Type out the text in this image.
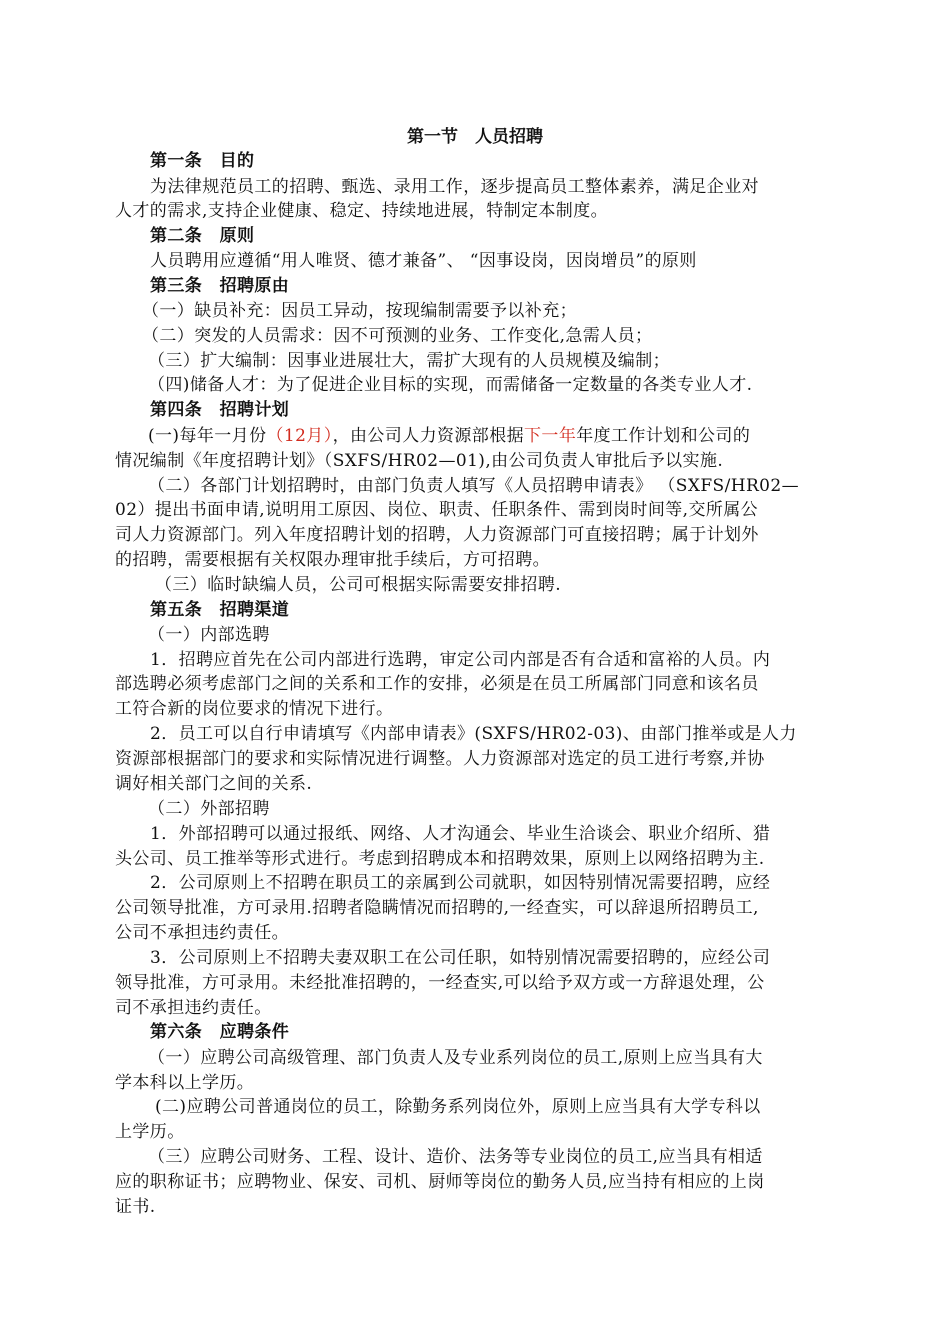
第一节　人员招聘
第一条　目的
为法律规范员工的招聘、甄选、录用工作，逐步提高员工整体素养，满足企业对
人才的需求,支持企业健康、稳定、持续地进展，特制定本制度。
第二条　原则
人员聘用应遵循“用人唯贤、德才兼备”、 “因事设岗，因岗增员”的原则
第三条　招聘原由
（一）缺员补充：因员工异动，按现编制需要予以补充；
（二）突发的人员需求：因不可预测的业务、工作变化,急需人员；
（三）扩大编制：因事业进展壮大，需扩大现有的人员规模及编制；
（四)储备人才：为了促进企业目标的实现，而需储备一定数量的各类专业人才.
第四条　招聘计划
(一)每年一月份（12月），由公司人力资源部根据下一年年度工作计划和公司的
情况编制《年度招聘计划》（SXFS/HR02—01),由公司负责人审批后予以实施.
（二）各部门计划招聘时，由部门负责人填写《人员招聘申请表》 （SXFS/HR02—
02）提出书面申请,说明用工原因、岗位、职责、任职条件、需到岗时间等,交所属公
司人力资源部门。列入年度招聘计划的招聘，人力资源部门可直接招聘；属于计划外
的招聘，需要根据有关权限办理审批手续后，方可招聘。
（三）临时缺编人员，公司可根据实际需要安排招聘.
第五条　招聘渠道
（一）内部选聘
1．招聘应首先在公司内部进行选聘，审定公司内部是否有合适和富裕的人员。内
部选聘必须考虑部门之间的关系和工作的安排，必须是在员工所属部门同意和该名员
工符合新的岗位要求的情况下进行。
2．员工可以自行申请填写《内部申请表》(SXFS/HR02-03)、由部门推举或是人力
资源部根据部门的要求和实际情况进行调整。人力资源部对选定的员工进行考察,并协
调好相关部门之间的关系.
（二）外部招聘
1．外部招聘可以通过报纸、网络、人才沟通会、毕业生洽谈会、职业介绍所、猎
头公司、员工推举等形式进行。考虑到招聘成本和招聘效果，原则上以网络招聘为主.
2．公司原则上不招聘在职员工的亲属到公司就职，如因特别情况需要招聘，应经
公司领导批准，方可录用.招聘者隐瞒情况而招聘的,一经查实，可以辞退所招聘员工,
公司不承担违约责任。
3．公司原则上不招聘夫妻双职工在公司任职，如特别情况需要招聘的，应经公司
领导批准，方可录用。未经批准招聘的，一经查实,可以给予双方或一方辞退处理，公
司不承担违约责任。
第六条　应聘条件
（一）应聘公司高级管理、部门负责人及专业系列岗位的员工,原则上应当具有大
学本科以上学历。
(二)应聘公司普通岗位的员工，除勤务系列岗位外，原则上应当具有大学专科以
上学历。
（三）应聘公司财务、工程、设计、造价、法务等专业岗位的员工,应当具有相适
应的职称证书；应聘物业、保安、司机、厨师等岗位的勤务人员,应当持有相应的上岗
证书.
